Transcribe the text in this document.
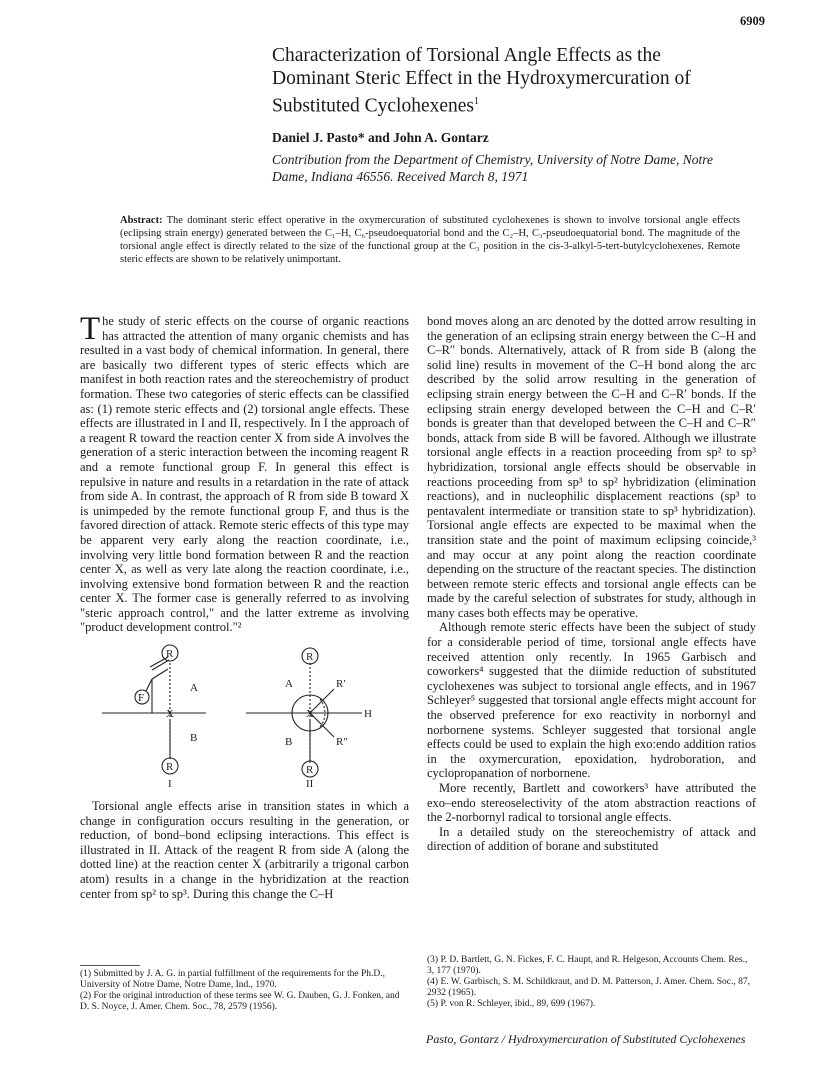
6909
Characterization of Torsional Angle Effects as the Dominant Steric Effect in the Hydroxymercuration of Substituted Cyclohexenes$^1$
Daniel J. Pasto* and John A. Gontarz
Contribution from the Department of Chemistry, University of Notre Dame, Notre Dame, Indiana 46556. Received March 8, 1971
Abstract: The dominant steric effect operative in the oxymercuration of substituted cyclohexenes is shown to involve torsional angle effects (eclipsing strain energy) generated between the C₁–H, C₆-pseudoequatorial bond and the C₂–H, C₃-pseudoequatorial bond. The magnitude of the torsional angle effect is directly related to the size of the functional group at the C₃ position in the cis-3-alkyl-5-tert-butylcyclohexenes. Remote steric effects are shown to be relatively unimportant.

The study of steric effects on the course of organic reactions has attracted the attention of many organic chemists and has resulted in a vast body of chemical information. In general, there are basically two different types of steric effects which are manifest in both reaction rates and the stereochemistry of product formation. These two categories of steric effects can be classified as: (1) remote steric effects and (2) torsional angle effects. These effects are illustrated in I and II, respectively. In I the approach of a reagent R toward the reaction center X from side A involves the generation of a steric interaction between the incoming reagent R and a remote functional group F. In general this effect is repulsive in nature and results in a retardation in the rate of attack from side A. In contrast, the approach of R from side B toward X is unimpeded by the remote functional group F, and thus is the favored direction of attack. Remote steric effects of this type may be apparent very early along the reaction coordinate, i.e., involving very little bond formation between R and the reaction center X, as well as very late along the reaction coordinate, i.e., involving extensive bond formation between R and the reaction center X. The former case is generally referred to as involving "steric approach control," and the latter extreme as involving "product development control."²

R
F
X
R
A
B
I
R
X
R
A
B
R′
R″
H
II

Torsional angle effects arise in transition states in which a change in configuration occurs resulting in the generation, or reduction, of bond–bond eclipsing interactions. This effect is illustrated in II. Attack of the reagent R from side A (along the dotted line) at the reaction center X (arbitrarily a trigonal carbon atom) results in a change in the hybridization at the reaction center from sp² to sp³. During this change the C–H

bond moves along an arc denoted by the dotted arrow resulting in the generation of an eclipsing strain energy between the C–H and C–R″ bonds. Alternatively, attack of R from side B (along the solid line) results in movement of the C–H bond along the arc described by the solid arrow resulting in the generation of eclipsing strain energy between the C–H and C–R′ bonds. If the eclipsing strain energy developed between the C–H and C–R′ bonds is greater than that developed between the C–H and C–R″ bonds, attack from side B will be favored. Although we illustrate torsional angle effects in a reaction proceeding from sp² to sp³ hybridization, torsional angle effects should be observable in reactions proceeding from sp³ to sp² hybridization (elimination reactions), and in nucleophilic displacement reactions (sp³ to pentavalent intermediate or transition state to sp³ hybridization). Torsional angle effects are expected to be maximal when the transition state and the point of maximum eclipsing coincide,³ and may occur at any point along the reaction coordinate depending on the structure of the reactant species. The distinction between remote steric effects and torsional angle effects can be made by the careful selection of substrates for study, although in many cases both effects may be operative.

Although remote steric effects have been the subject of study for a considerable period of time, torsional angle effects have received attention only recently. In 1965 Garbisch and coworkers⁴ suggested that the diimide reduction of substituted cyclohexenes was subject to torsional angle effects, and in 1967 Schleyer⁵ suggested that torsional angle effects might account for the observed preference for exo reactivity in norbornyl and norbornene systems. Schleyer suggested that torsional angle effects could be used to explain the high exo:endo addition ratios in the oxymercuration, epoxidation, hydroboration, and cyclopropanation of norbornene.

More recently, Bartlett and coworkers³ have attributed the exo–endo stereoselectivity of the atom abstraction reactions of the 2-norbornyl radical to torsional angle effects.

In a detailed study on the stereochemistry of attack and direction of addition of borane and substituted

(1) Submitted by J. A. G. in partial fulfillment of the requirements for the Ph.D., University of Notre Dame, Notre Dame, Ind., 1970.
(2) For the original introduction of these terms see W. G. Dauben, G. J. Fonken, and D. S. Noyce, J. Amer. Chem. Soc., 78, 2579 (1956).
(3) P. D. Bartlett, G. N. Fickes, F. C. Haupt, and R. Helgeson, Accounts Chem. Res., 3, 177 (1970).
(4) E. W. Garbisch, S. M. Schildkraut, and D. M. Patterson, J. Amer. Chem. Soc., 87, 2932 (1965).
(5) P. von R. Schleyer, ibid., 89, 699 (1967).
Pasto, Gontarz / Hydroxymercuration of Substituted Cyclohexenes
